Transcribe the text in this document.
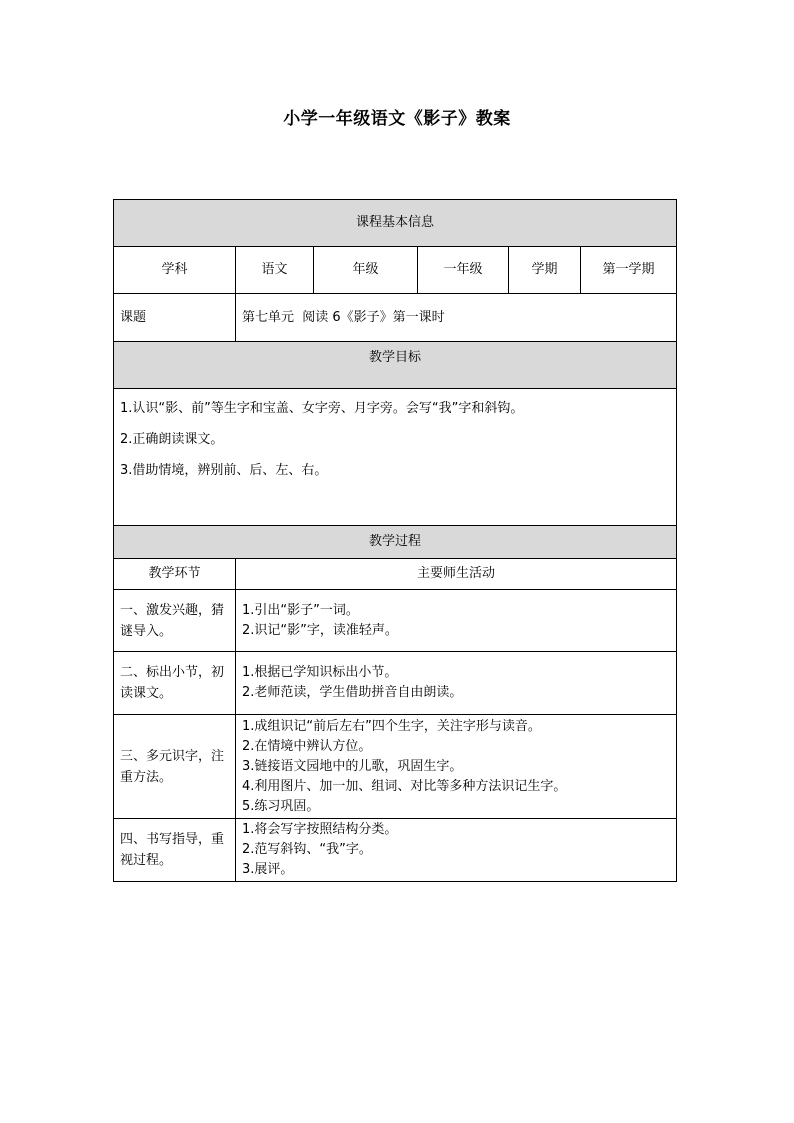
小学一年级语文《影子》教案
课程基本信息					
学科	语文	年级	一年级	学期	第一学期
课题	第七单元  阅读 6《影子》第一课时				
教学目标					

1.认识“影、前”等生字和宝盖、女字旁、月字旁。会写“我”字和斜钩。
2.正确朗读课文。
3.借助情境，辨别前、后、左、右。					

教学过程					
教学环节	主要师生活动				
一、激发兴趣，猜谜导入。	1.引出“影子”一词。
2.识记“影”字，读准轻声。				

二、标出小节，初读课文。	1.根据已学知识标出小节。
2.老师范读，学生借助拼音自由朗读。				

三、多元识字，注重方法。	1.成组识记“前后左右”四个生字，关注字形与读音。
2.在情境中辨认方位。
3.链接语文园地中的儿歌，巩固生字。
4.利用图片、加一加、组词、对比等多种方法识记生字。
5.练习巩固。				

四、书写指导，重视过程。	1.将会写字按照结构分类。
2.范写斜钩、“我”字。
3.展评。				
